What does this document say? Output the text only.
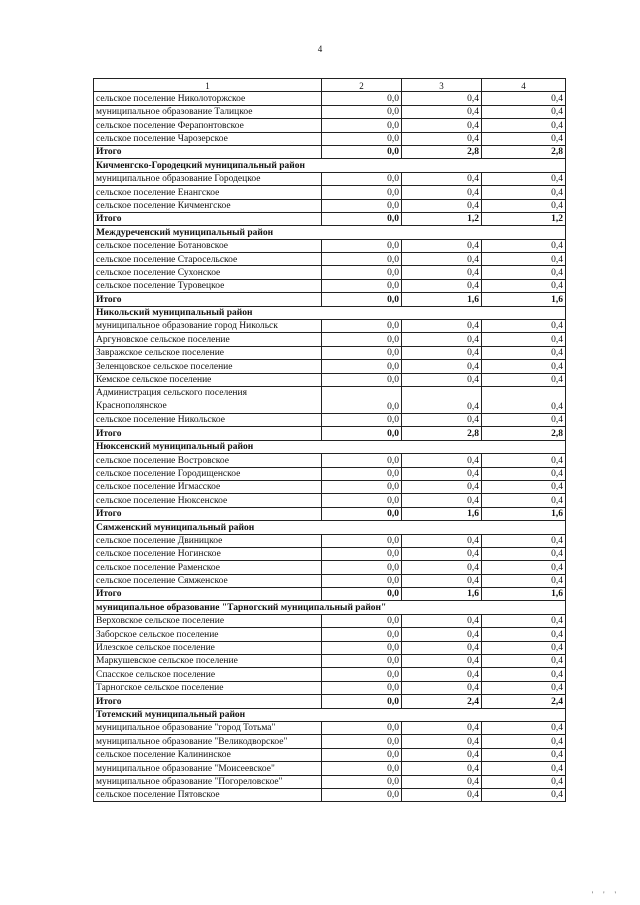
4
1	2	3	4
сельское поселение Николоторжское	0,0	0,4	0,4
муниципальное образование Талицкое	0,0	0,4	0,4
сельское поселение Ферапонтовское	0,0	0,4	0,4
сельское поселение Чарозерское	0,0	0,4	0,4
Итого	0,0	2,8	2,8
Кичменгско-Городецкий муниципальный район			
муниципальное образование Городецкое	0,0	0,4	0,4
сельское поселение Енангское	0,0	0,4	0,4
сельское поселение Кичменгское	0,0	0,4	0,4
Итого	0,0	1,2	1,2
Междуреченский муниципальный район			
сельское поселение Ботановское	0,0	0,4	0,4
сельское поселение Старосельское	0,0	0,4	0,4
сельское поселение Сухонское	0,0	0,4	0,4
сельское поселение Туровецкое	0,0	0,4	0,4
Итого	0,0	1,6	1,6
Никольский муниципальный район			
муниципальное образование город Никольск	0,0	0,4	0,4
Аргуновское сельское поселение	0,0	0,4	0,4
Завражское сельское поселение	0,0	0,4	0,4
Зеленцовское сельское поселение	0,0	0,4	0,4
Кемское сельское поселение	0,0	0,4	0,4
Администрация сельского поселения Краснополянское	0,0	0,4	0,4
сельское поселение Никольское	0,0	0,4	0,4
Итого	0,0	2,8	2,8
Нюксенский муниципальный район			
сельское поселение Востровское	0,0	0,4	0,4
сельское поселение Городищенское	0,0	0,4	0,4
сельское поселение Игмасское	0,0	0,4	0,4
сельское поселение Нюксенское	0,0	0,4	0,4
Итого	0,0	1,6	1,6
Сямженский муниципальный район			
сельское поселение Двиницкое	0,0	0,4	0,4
сельское поселение Ногинское	0,0	0,4	0,4
сельское поселение Раменское	0,0	0,4	0,4
сельское поселение Сямженское	0,0	0,4	0,4
Итого	0,0	1,6	1,6
муниципальное образование "Тарногский муниципальный район"			
Верховское сельское поселение	0,0	0,4	0,4
Заборское сельское поселение	0,0	0,4	0,4
Илезское сельское поселение	0,0	0,4	0,4
Маркушевское сельское поселение	0,0	0,4	0,4
Спасское сельское поселение	0,0	0,4	0,4
Тарногское сельское поселение	0,0	0,4	0,4
Итого	0,0	2,4	2,4
Тотемский муниципальный район			
муниципальное образование "город Тотьма"	0,0	0,4	0,4
муниципальное образование "Великодворское"	0,0	0,4	0,4
сельское поселение Калининское	0,0	0,4	0,4
муниципальное образование "Моисеевское"	0,0	0,4	0,4
муниципальное образование "Погореловское"	0,0	0,4	0,4
сельское поселение Пятовское	0,0	0,4	0,4
' ' '
